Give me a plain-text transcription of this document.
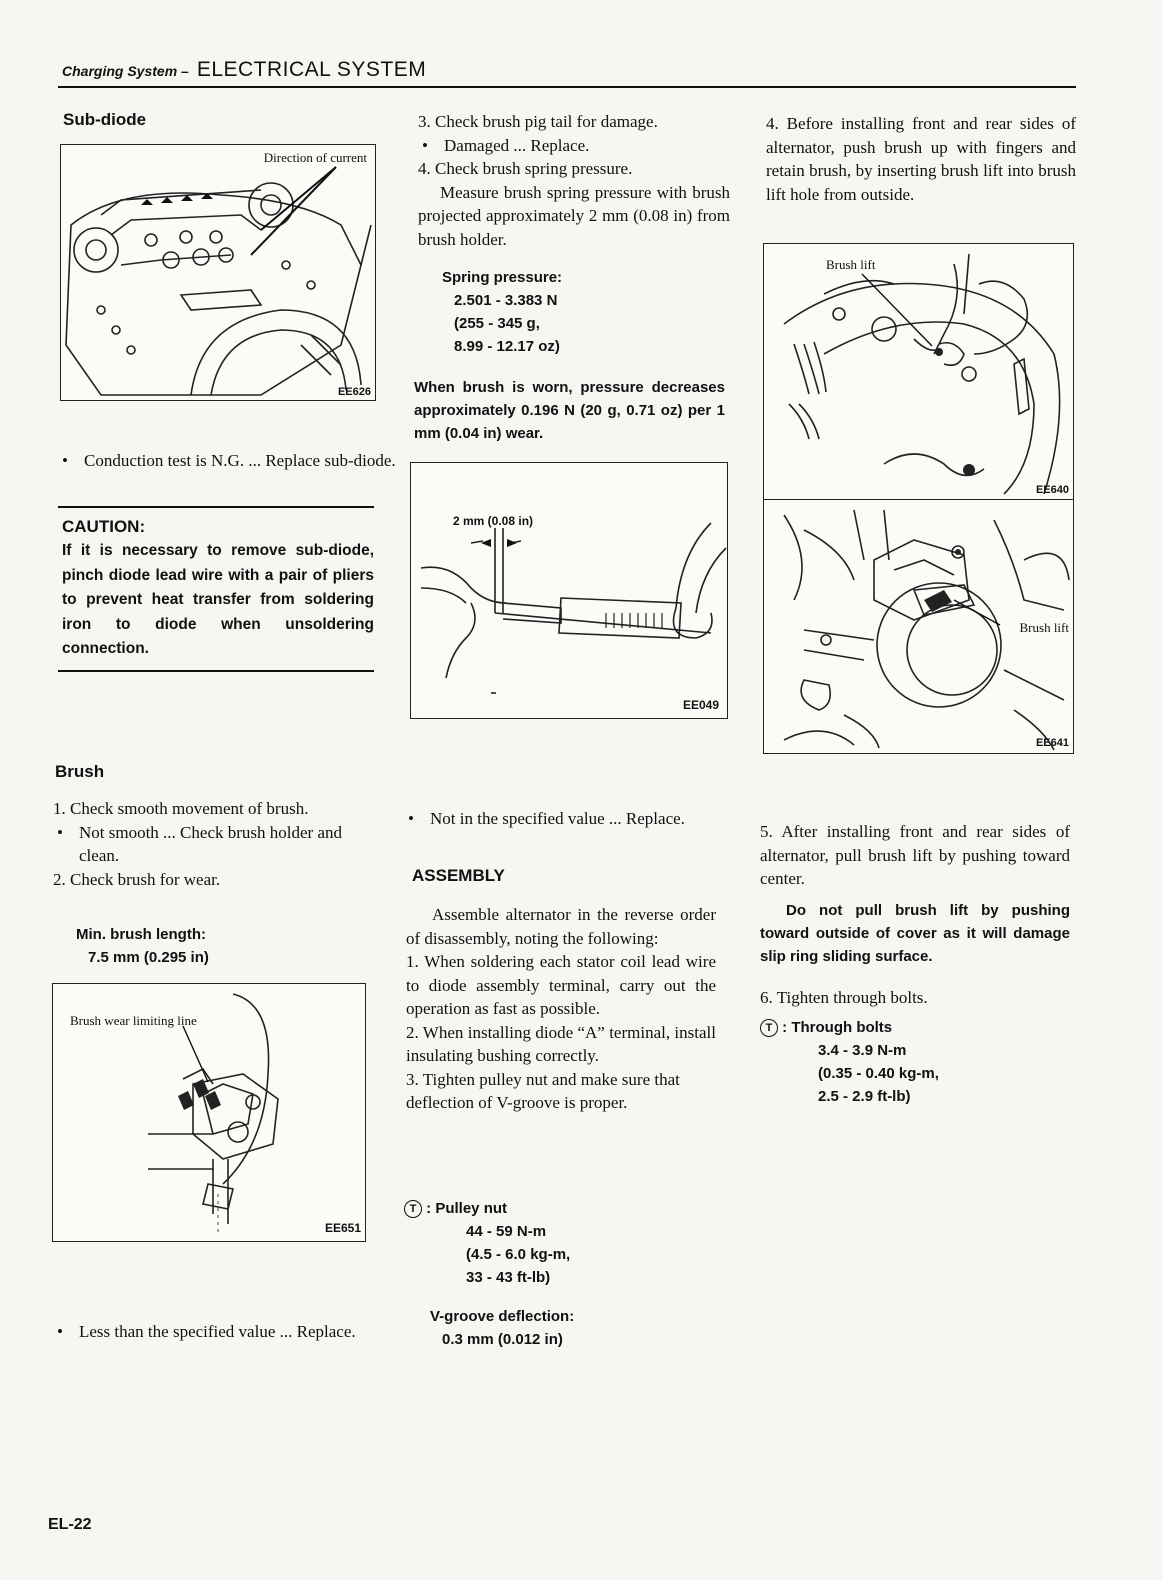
Charging System – ELECTRICAL SYSTEM
Sub-diode
Direction of current
EE626
• Conduction test is N.G. ... Replace sub-diode.
CAUTION:
If it is necessary to remove sub-diode, pinch diode lead wire with a pair of pliers to prevent heat transfer from soldering iron to diode when unsoldering connection.
Brush

1. Check smooth movement of brush.

• Not smooth ... Check brush holder and clean.

2. Check brush for wear.

Min. brush length:
7.5 mm (0.295 in)
Brush wear limiting line
EE651
• Less than the specified value ... Replace.

3. Check brush pig tail for damage.

• Damaged ... Replace.

4. Check brush spring pressure.

Measure brush spring pressure with brush projected approximately 2 mm (0.08 in) from brush holder.

Spring pressure:
2.501 - 3.383 N
(255 - 345 g,
8.99 - 12.17 oz)
When brush is worn, pressure decreases approximately 0.196 N (20 g, 0.71 oz) per 1 mm (0.04 in) wear.
2 mm (0.08 in)
EE049
• Not in the specified value ... Replace.
ASSEMBLY

Assemble alternator in the reverse order of disassembly, noting the following:

1. When soldering each stator coil lead wire to diode assembly terminal, carry out the operation as fast as possible.

2. When installing diode “A” terminal, install insulating bushing correctly.

3. Tighten pulley nut and make sure that deflection of V-groove is proper.

T : Pulley nut
44 - 59 N-m
(4.5 - 6.0 kg-m,
33 - 43 ft-lb)
V-groove deflection:
0.3 mm (0.012 in)
4. Before installing front and rear sides of alternator, push brush up with fingers and retain brush, by inserting brush lift into brush lift hole from outside.
Brush lift
EE640
Brush lift
EE641
5. After installing front and rear sides of alternator, pull brush lift by pushing toward center.
Do not pull brush lift by pushing toward outside of cover as it will damage slip ring sliding surface.
6. Tighten through bolts.
T : Through bolts
3.4 - 3.9 N-m
(0.35 - 0.40 kg-m,
2.5 - 2.9 ft-lb)
EL-22
